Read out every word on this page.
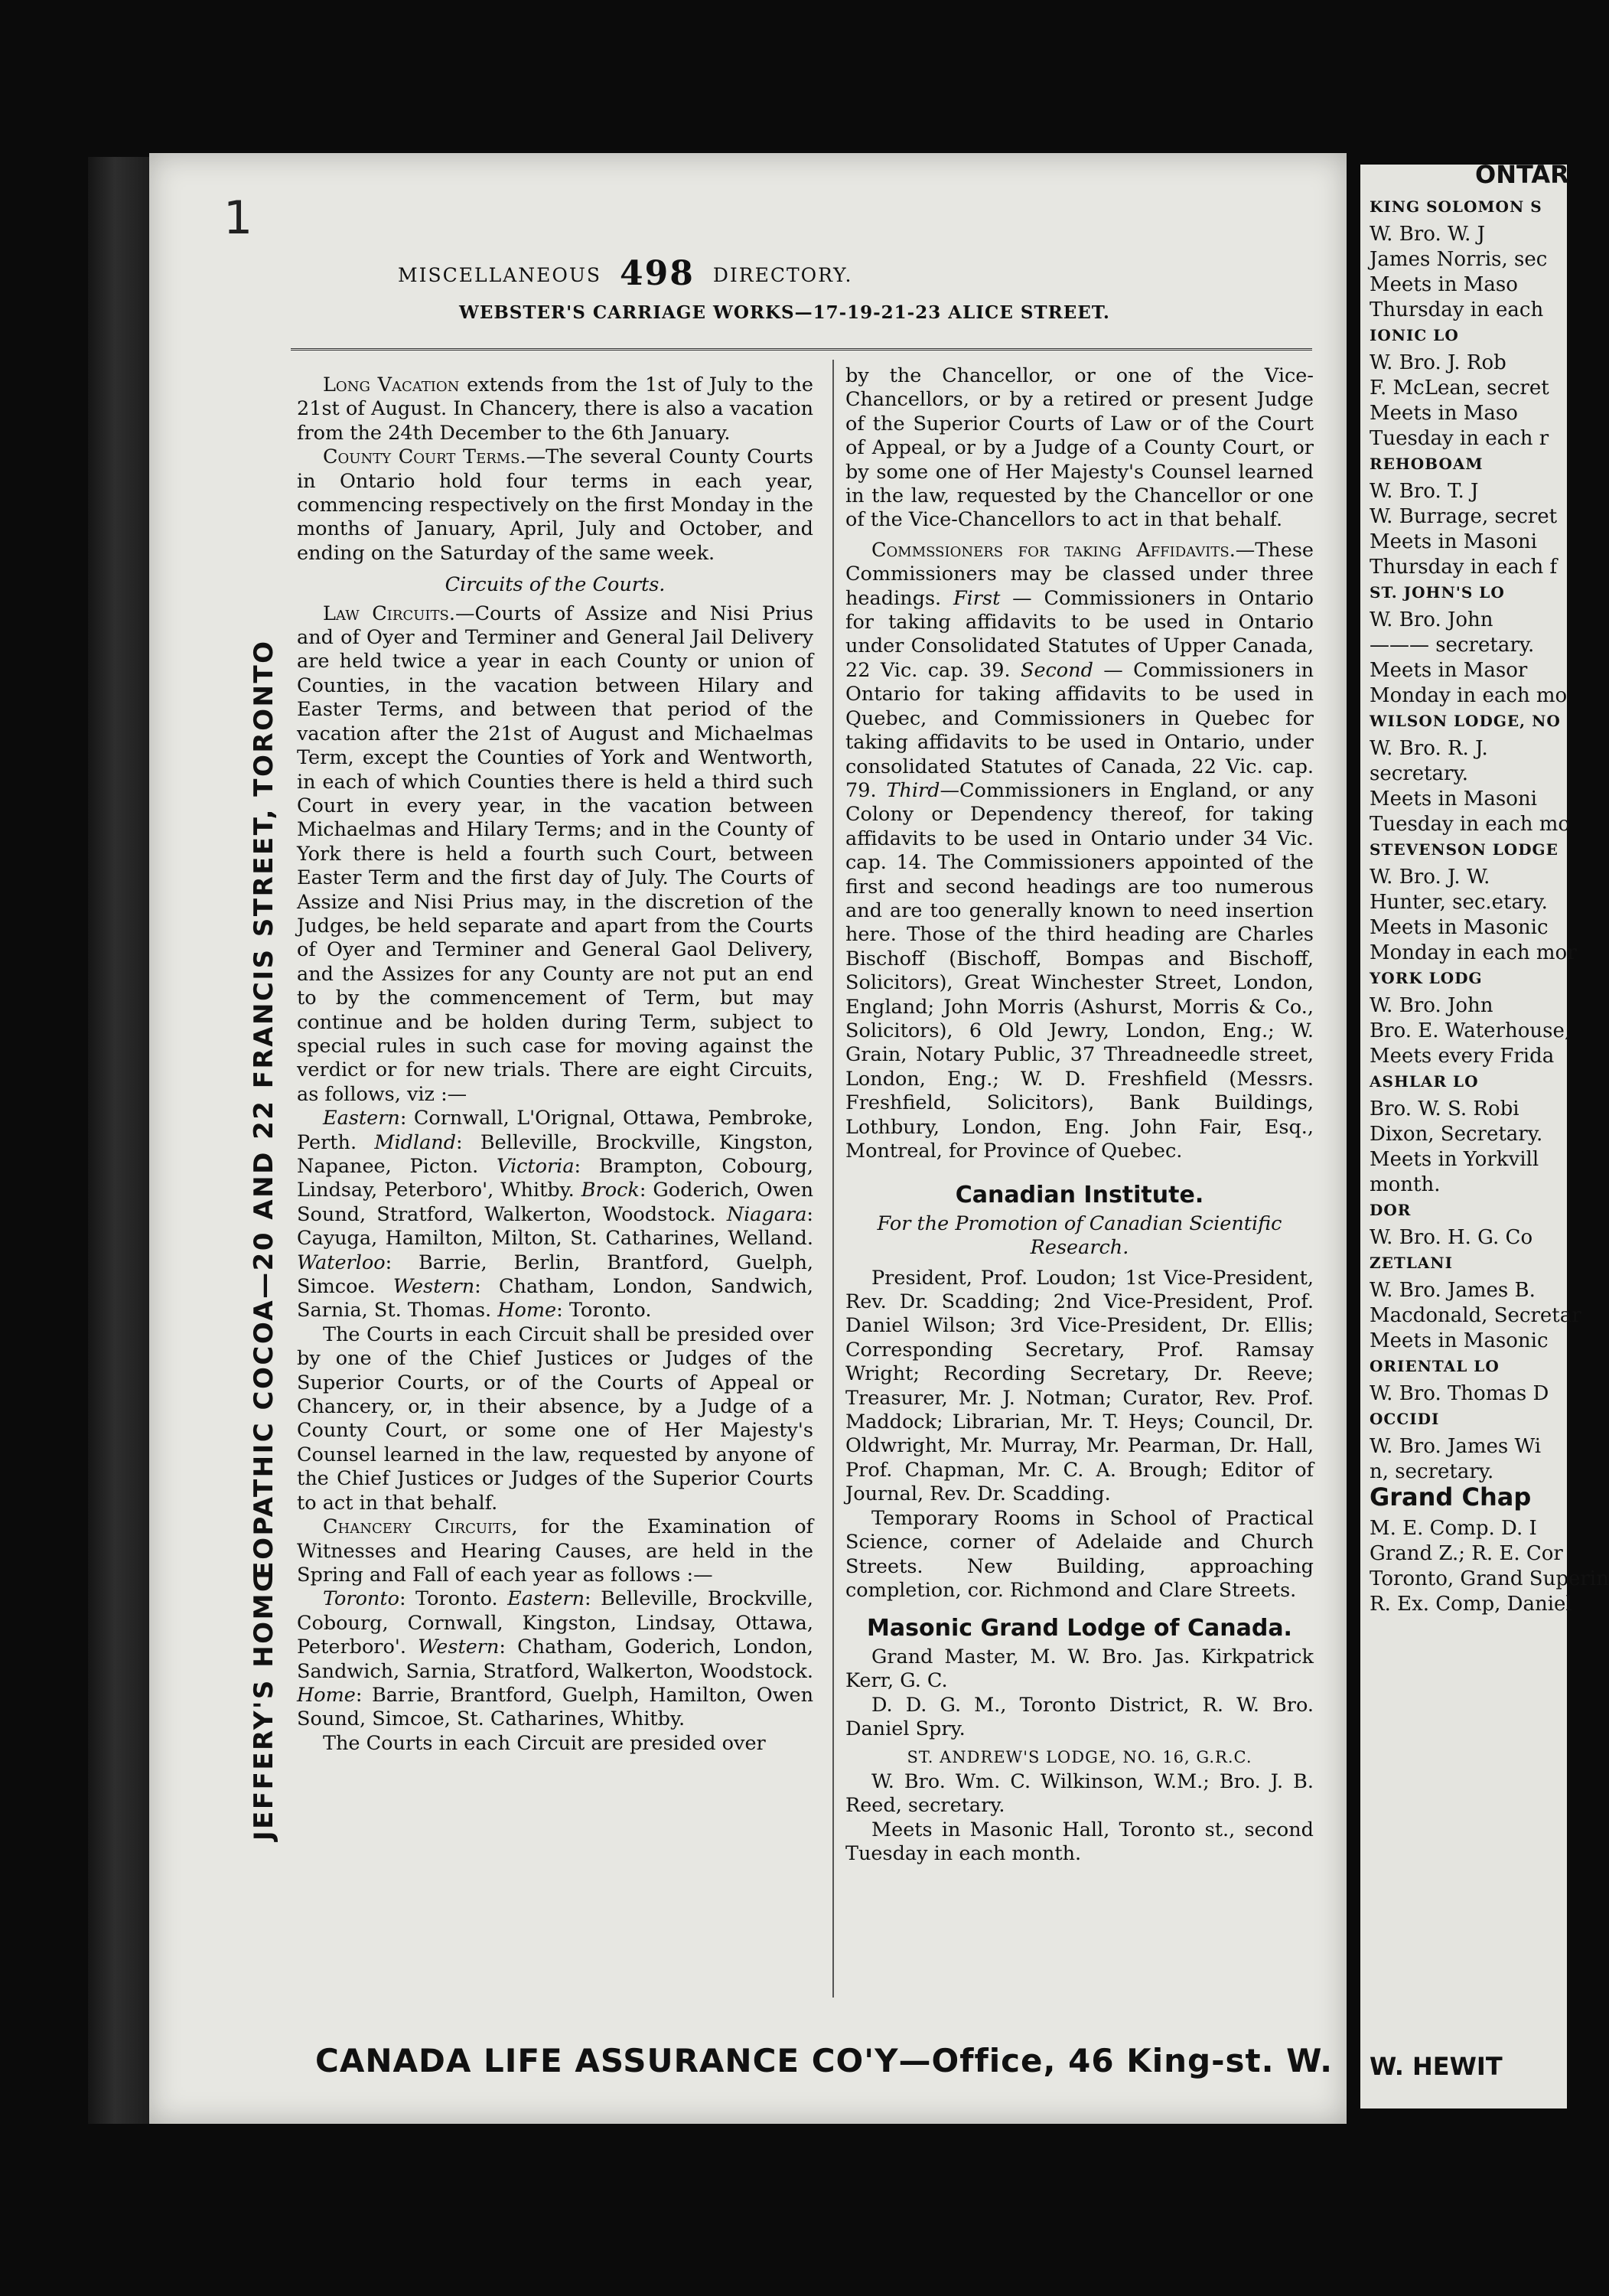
KING SOLOMON S
W. Bro. W. J
James Norris, sec
Meets in Maso
Thursday in each
IONIC LO
W. Bro. J. Rob
F. McLean, secret
Meets in Maso
Tuesday in each r
REHOBOAM
W. Bro. T. J
W. Burrage, secret
Meets in Masoni
Thursday in each f
ST. JOHN'S LO
W. Bro. John
——— secretary.
Meets in Masor
Monday in each mo
WILSON LODGE, NO
W. Bro. R. J.
secretary.
Meets in Masoni
Tuesday in each mo
STEVENSON LODGE
W. Bro. J. W.
Hunter, sec.etary.
Meets in Masonic
Monday in each mor
YORK LODG
W. Bro. John
Bro. E. Waterhouse,
Meets every Frida
ASHLAR LO
Bro. W. S. Robi
Dixon, Secretary.
Meets in Yorkvill
month.
DOR
W. Bro. H. G. Co
ZETLANI
W. Bro. James B.
Macdonald, Secretar
Meets in Masonic
ORIENTAL LO
W. Bro. Thomas D
OCCIDI
W. Bro. James Wi
n, secretary.
Grand Chap
M. E. Comp. D. I
Grand Z.; R. E. Cor
Toronto, Grand Superin
R. Ex. Comp, Daniel
W. HEWIT
ONTAR
1
MISCELLANEOUS 498 DIRECTORY.
WEBSTER'S CARRIAGE WORKS—17-19-21-23 ALICE STREET.
JEFFERY'S HOMŒOPATHIC COCOA—20 AND 22 FRANCIS STREET, TORONTO

Long Vacation extends from the 1st of July to the 21st of August. In Chancery, there is also a vacation from the 24th December to the 6th January.

County Court Terms.—The several County Courts in Ontario hold four terms in each year, commencing respectively on the first Monday in the months of January, April, July and October, and ending on the Saturday of the same week.

Circuits of the Courts.

Law Circuits.—Courts of Assize and Nisi Prius and of Oyer and Terminer and General Jail Delivery are held twice a year in each County or union of Counties, in the vacation between Hilary and Easter Terms, and between that period of the vacation after the 21st of August and Michaelmas Term, except the Counties of York and Wentworth, in each of which Counties there is held a third such Court in every year, in the vacation between Michaelmas and Hilary Terms; and in the County of York there is held a fourth such Court, between Easter Term and the first day of July. The Courts of Assize and Nisi Prius may, in the discretion of the Judges, be held separate and apart from the Courts of Oyer and Terminer and General Gaol Delivery, and the Assizes for any County are not put an end to by the commencement of Term, but may continue and be holden during Term, subject to special rules in such case for moving against the verdict or for new trials. There are eight Circuits, as follows, viz :—

Eastern: Cornwall, L'Orignal, Ottawa, Pembroke, Perth. Midland: Belleville, Brockville, Kingston, Napanee, Picton. Victoria: Brampton, Cobourg, Lindsay, Peterboro', Whitby. Brock: Goderich, Owen Sound, Stratford, Walkerton, Woodstock. Niagara: Cayuga, Hamilton, Milton, St. Catharines, Welland. Waterloo: Barrie, Berlin, Brantford, Guelph, Simcoe. Western: Chatham, London, Sandwich, Sarnia, St. Thomas. Home: Toronto.

The Courts in each Circuit shall be presided over by one of the Chief Justices or Judges of the Superior Courts, or of the Courts of Appeal or Chancery, or, in their absence, by a Judge of a County Court, or some one of Her Majesty's Counsel learned in the law, requested by anyone of the Chief Justices or Judges of the Superior Courts to act in that behalf.

Chancery Circuits, for the Examination of Witnesses and Hearing Causes, are held in the Spring and Fall of each year as follows :—

Toronto: Toronto. Eastern: Belleville, Brockville, Cobourg, Cornwall, Kingston, Lindsay, Ottawa, Peterboro'. Western: Chatham, Goderich, London, Sandwich, Sarnia, Stratford, Walkerton, Woodstock. Home: Barrie, Brantford, Guelph, Hamilton, Owen Sound, Simcoe, St. Catharines, Whitby.

The Courts in each Circuit are presided over

by the Chancellor, or one of the Vice-Chancellors, or by a retired or present Judge of the Superior Courts of Law or of the Court of Appeal, or by a Judge of a County Court, or by some one of Her Majesty's Counsel learned in the law, requested by the Chancellor or one of the Vice-Chancellors to act in that behalf.

Commssioners for taking Affidavits.—These Commissioners may be classed under three headings. First — Commissioners in Ontario for taking affidavits to be used in Ontario under Consolidated Statutes of Upper Canada, 22 Vic. cap. 39. Second — Commissioners in Ontario for taking affidavits to be used in Quebec, and Commissioners in Quebec for taking affidavits to be used in Ontario, under consolidated Statutes of Canada, 22 Vic. cap. 79. Third—Commissioners in England, or any Colony or Dependency thereof, for taking affidavits to be used in Ontario under 34 Vic. cap. 14. The Commissioners appointed of the first and second headings are too numerous and are too generally known to need insertion here. Those of the third heading are Charles Bischoff (Bischoff, Bompas and Bischoff, Solicitors), Great Winchester Street, London, England; John Morris (Ashurst, Morris & Co., Solicitors), 6 Old Jewry, London, Eng.; W. Grain, Notary Public, 37 Threadneedle street, London, Eng.; W. D. Freshfield (Messrs. Freshfield, Solicitors), Bank Buildings, Lothbury, London, Eng. John Fair, Esq., Montreal, for Province of Quebec.

Canadian Institute.

For the Promotion of Canadian Scientific Research.

President, Prof. Loudon; 1st Vice-President, Rev. Dr. Scadding; 2nd Vice-President, Prof. Daniel Wilson; 3rd Vice-President, Dr. Ellis; Corresponding Secretary, Prof. Ramsay Wright; Recording Secretary, Dr. Reeve; Treasurer, Mr. J. Notman; Curator, Rev. Prof. Maddock; Librarian, Mr. T. Heys; Council, Dr. Oldwright, Mr. Murray, Mr. Pearman, Dr. Hall, Prof. Chapman, Mr. C. A. Brough; Editor of Journal, Rev. Dr. Scadding.

Temporary Rooms in School of Practical Science, corner of Adelaide and Church Streets. New Building, approaching completion, cor. Richmond and Clare Streets.

Masonic Grand Lodge of Canada.

Grand Master, M. W. Bro. Jas. Kirkpatrick Kerr, G. C.

D. D. G. M., Toronto District, R. W. Bro. Daniel Spry.

ST. ANDREW'S LODGE, NO. 16, G.R.C.

W. Bro. Wm. C. Wilkinson, W.M.; Bro. J. B. Reed, secretary.

Meets in Masonic Hall, Toronto st., second Tuesday in each month.

CANADA LIFE ASSURANCE CO'Y—Office, 46 King-st. W.
